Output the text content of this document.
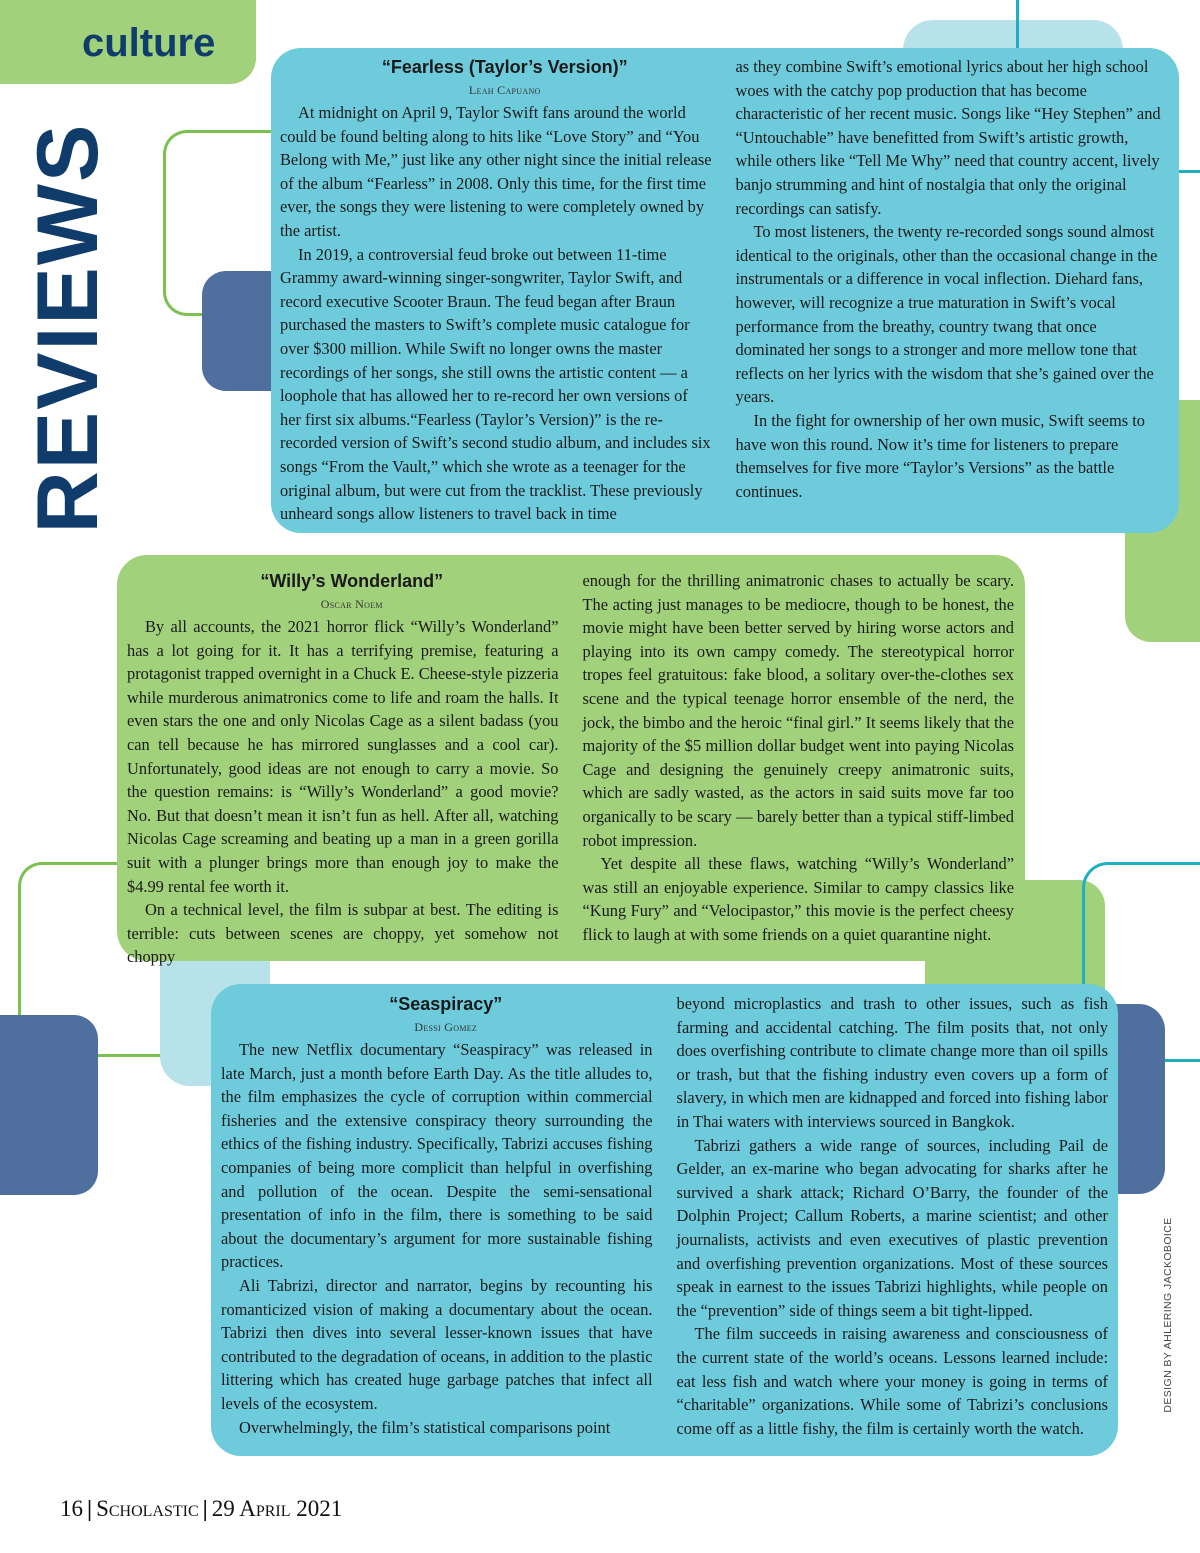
culture
REVIEWS

“Fearless (Taylor’s Version)”

Leah Capuano

At midnight on April 9, Taylor Swift fans around the world could be found belting along to hits like “Love Story” and “You Belong with Me,” just like any other night since the initial release of the album “Fearless” in 2008. Only this time, for the first time ever, the songs they were listening to were completely owned by the artist.

In 2019, a controversial feud broke out between 11-time Grammy award-winning singer-songwriter, Taylor Swift, and record executive Scooter Braun. The feud began after Braun purchased the masters to Swift’s complete music catalogue for over $300 million. While Swift no longer owns the master recordings of her songs, she still owns the artistic content — a loophole that has allowed her to re-record her own versions of her first six albums.“Fearless (Taylor’s Version)” is the re-recorded version of Swift’s second studio album, and includes six songs “From the Vault,” which she wrote as a teenager for the original album, but were cut from the tracklist. These previously unheard songs allow listeners to travel back in time

as they combine Swift’s emotional lyrics about her high school woes with the catchy pop production that has become characteristic of her recent music. Songs like “Hey Stephen” and “Untouchable” have benefitted from Swift’s artistic growth, while others like “Tell Me Why” need that country accent, lively banjo strumming and hint of nostalgia that only the original recordings can satisfy.

To most listeners, the twenty re-recorded songs sound almost identical to the originals, other than the occasional change in the instrumentals or a difference in vocal inflection. Diehard fans, however, will recognize a true maturation in Swift’s vocal performance from the breathy, country twang that once dominated her songs to a stronger and more mellow tone that reflects on her lyrics with the wisdom that she’s gained over the years.

In the fight for ownership of her own music, Swift seems to have won this round. Now it’s time for listeners to prepare themselves for five more “Taylor’s Versions” as the battle continues.

“Willy’s Wonderland”

Oscar Noem

By all accounts, the 2021 horror flick “Willy’s Wonderland” has a lot going for it. It has a terrifying premise, featuring a protagonist trapped overnight in a Chuck E. Cheese-style pizzeria while murderous animatronics come to life and roam the halls. It even stars the one and only Nicolas Cage as a silent badass (you can tell because he has mirrored sunglasses and a cool car). Unfortunately, good ideas are not enough to carry a movie. So the question remains: is “Willy’s Wonderland” a good movie? No. But that doesn’t mean it isn’t fun as hell. After all, watching Nicolas Cage screaming and beating up a man in a green gorilla suit with a plunger brings more than enough joy to make the $4.99 rental fee worth it.

On a technical level, the film is subpar at best. The editing is terrible: cuts between scenes are choppy, yet somehow not choppy

enough for the thrilling animatronic chases to actually be scary. The acting just manages to be mediocre, though to be honest, the movie might have been better served by hiring worse actors and playing into its own campy comedy. The stereotypical horror tropes feel gratuitous: fake blood, a solitary over-the-clothes sex scene and the typical teenage horror ensemble of the nerd, the jock, the bimbo and the heroic “final girl.” It seems likely that the majority of the $5 million dollar budget went into paying Nicolas Cage and designing the genuinely creepy animatronic suits, which are sadly wasted, as the actors in said suits move far too organically to be scary — barely better than a typical stiff-limbed robot impression.

Yet despite all these flaws, watching “Willy’s Wonderland” was still an enjoyable experience. Similar to campy classics like “Kung Fury” and “Velocipastor,” this movie is the perfect cheesy flick to laugh at with some friends on a quiet quarantine night.

“Seaspiracy”

Dessi Gomez

The new Netflix documentary “Seaspiracy” was released in late March, just a month before Earth Day. As the title alludes to, the film emphasizes the cycle of corruption within commercial fisheries and the extensive conspiracy theory surrounding the ethics of the fishing industry. Specifically, Tabrizi accuses fishing companies of being more complicit than helpful in overfishing and pollution of the ocean. Despite the semi-sensational presentation of info in the film, there is something to be said about the documentary’s argument for more sustainable fishing practices.

Ali Tabrizi, director and narrator, begins by recounting his romanticized vision of making a documentary about the ocean. Tabrizi then dives into several lesser-known issues that have contributed to the degradation of oceans, in addition to the plastic littering which has created huge garbage patches that infect all levels of the ecosystem.

Overwhelmingly, the film’s statistical comparisons point

beyond microplastics and trash to other issues, such as fish farming and accidental catching. The film posits that, not only does overfishing contribute to climate change more than oil spills or trash, but that the fishing industry even covers up a form of slavery, in which men are kidnapped and forced into fishing labor in Thai waters with interviews sourced in Bangkok.

Tabrizi gathers a wide range of sources, including Pail de Gelder, an ex-marine who began advocating for sharks after he survived a shark attack; Richard O’Barry, the founder of the Dolphin Project; Callum Roberts, a marine scientist; and other journalists, activists and even executives of plastic prevention and overfishing prevention organizations. Most of these sources speak in earnest to the issues Tabrizi highlights, while people on the “prevention” side of things seem a bit tight-lipped.

The film succeeds in raising awareness and consciousness of the current state of the world’s oceans. Lessons learned include: eat less fish and watch where your money is going in terms of “charitable” organizations. While some of Tabrizi’s conclusions come off as a little fishy, the film is certainly worth the watch.

DESIGN BY AHLERING JACKOBOICE
16 | Scholastic | 29 April 2021
